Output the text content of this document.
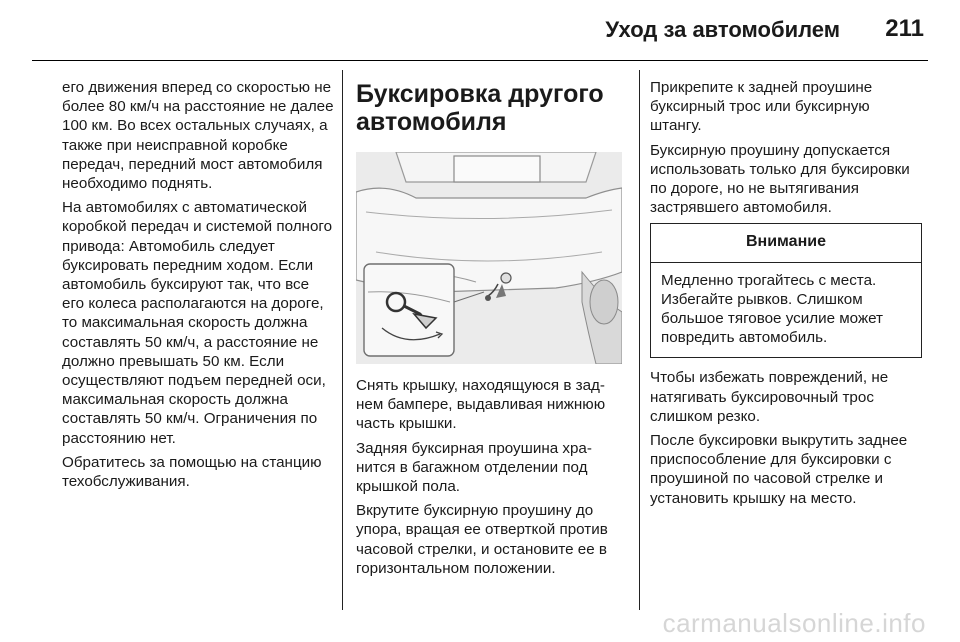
Уход за автомобилем 211

его движения вперед со скоростью не более 80 км/ч на расстояние не далее 100 км. Во всех остальных случаях, а также при неисправной коробке передач, передний мост автомобиля необходимо поднять.

На автомобилях с автоматической коробкой передач и системой полного привода: Автомобиль следует буксировать передним ходом. Если автомобиль буксируют так, что все его колеса располагаются на дороге, то максимальная скорость должна составлять 50 км/ч, а расстояние не должно превышать 50 км. Если осуществляют подъем передней оси, максимальная скорость должна составлять 50 км/ч. Ограничения по расстоянию нет.

Обратитесь за помощью на станцию техобслуживания.

Буксировка другого автомобиля

Снять крышку, находящуюся в заднем бампере, выдавливая нижнюю часть крышки.

Задняя буксирная проушина хранится в багажном отделении под крышкой пола.

Вкрутите буксирную проушину до упора, вращая ее отверткой против часовой стрелки, и остановите ее в горизонтальном положении.

Прикрепите к задней проушине буксирный трос или буксирную штангу.

Буксирную проушину допускается использовать только для буксировки по дороге, но не вытягивания застрявшего автомобиля.

Внимание
Медленно трогайтесь с места. Избегайте рывков. Слишком большое тяговое усилие может повредить автомобиль.

Чтобы избежать повреждений, не натягивать буксировочный трос слишком резко.

После буксировки выкрутить заднее приспособление для буксировки с проушиной по часовой стрелке и установить крышку на место.

carmanualsonline.info
